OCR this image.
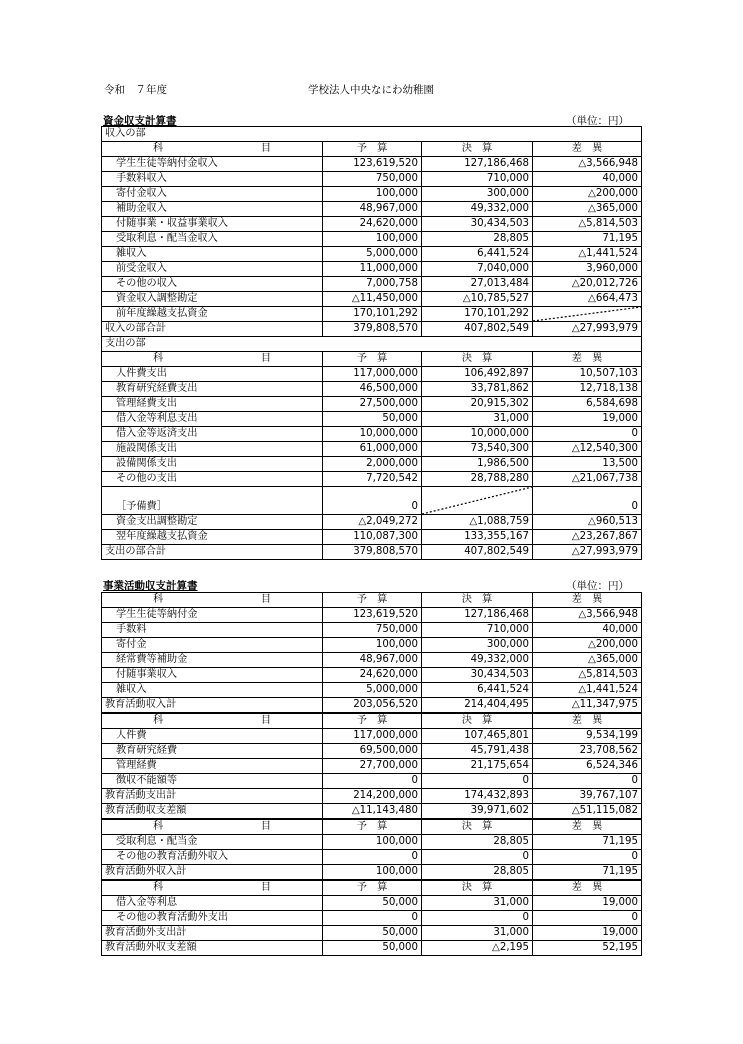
令和　７年度	学校法人中央なにわ幼稚園
資金収支計算書	（単位：円）
収入の部			

科 目	予　算	決　算	差　異
学生生徒等納付金収入	123,619,520	127,186,468	△3,566,948
手数料収入	750,000	710,000	40,000
寄付金収入	100,000	300,000	△200,000
補助金収入	48,967,000	49,332,000	△365,000
付随事業・収益事業収入	24,620,000	30,434,503	△5,814,503
受取利息・配当金収入	100,000	28,805	71,195
雑収入	5,000,000	6,441,524	△1,441,524
前受金収入	11,000,000	7,040,000	3,960,000
その他の収入	7,000,758	27,013,484	△20,012,726
資金収入調整勘定	△11,450,000	△10,785,527	△664,473
前年度繰越支払資金	170,101,292	170,101,292	

収入の部合計	379,808,570	407,802,549	△27,993,979
支出の部			

科 目	予　算	決　算	差　異
人件費支出	117,000,000	106,492,897	10,507,103
教育研究経費支出	46,500,000	33,781,862	12,718,138
管理経費支出	27,500,000	20,915,302	6,584,698
借入金等利息支出	50,000	31,000	19,000
借入金等返済支出	10,000,000	10,000,000	0
施設関係支出	61,000,000	73,540,300	△12,540,300
設備関係支出	2,000,000	1,986,500	13,500
その他の支出	7,720,542	28,788,280	△21,067,738
［予備費］	0		0
資金支出調整勘定	△2,049,272	△1,088,759	△960,513
翌年度繰越支払資金	110,087,300	133,355,167	△23,267,867
支出の部合計	379,808,570	407,802,549	△27,993,979
事業活動収支計算書	（単位：円）
科 目	予　算	決　算	差　異
学生生徒等納付金	123,619,520	127,186,468	△3,566,948
手数料	750,000	710,000	40,000
寄付金	100,000	300,000	△200,000
経常費等補助金	48,967,000	49,332,000	△365,000
付随事業収入	24,620,000	30,434,503	△5,814,503
雑収入	5,000,000	6,441,524	△1,441,524
教育活動収入計	203,056,520	214,404,495	△11,347,975

科 目	予　算	決　算	差　異
人件費	117,000,000	107,465,801	9,534,199
教育研究経費	69,500,000	45,791,438	23,708,562
管理経費	27,700,000	21,175,654	6,524,346
徴収不能額等	0	0	0
教育活動支出計	214,200,000	174,432,893	39,767,107
教育活動収支差額	△11,143,480	39,971,602	△51,115,082

科 目	予　算	決　算	差　異
受取利息・配当金	100,000	28,805	71,195
その他の教育活動外収入	0	0	0
教育活動外収入計	100,000	28,805	71,195

科 目	予　算	決　算	差　異
借入金等利息	50,000	31,000	19,000
その他の教育活動外支出	0	0	0
教育活動外支出計	50,000	31,000	19,000
教育活動外収支差額	50,000	△2,195	52,195
